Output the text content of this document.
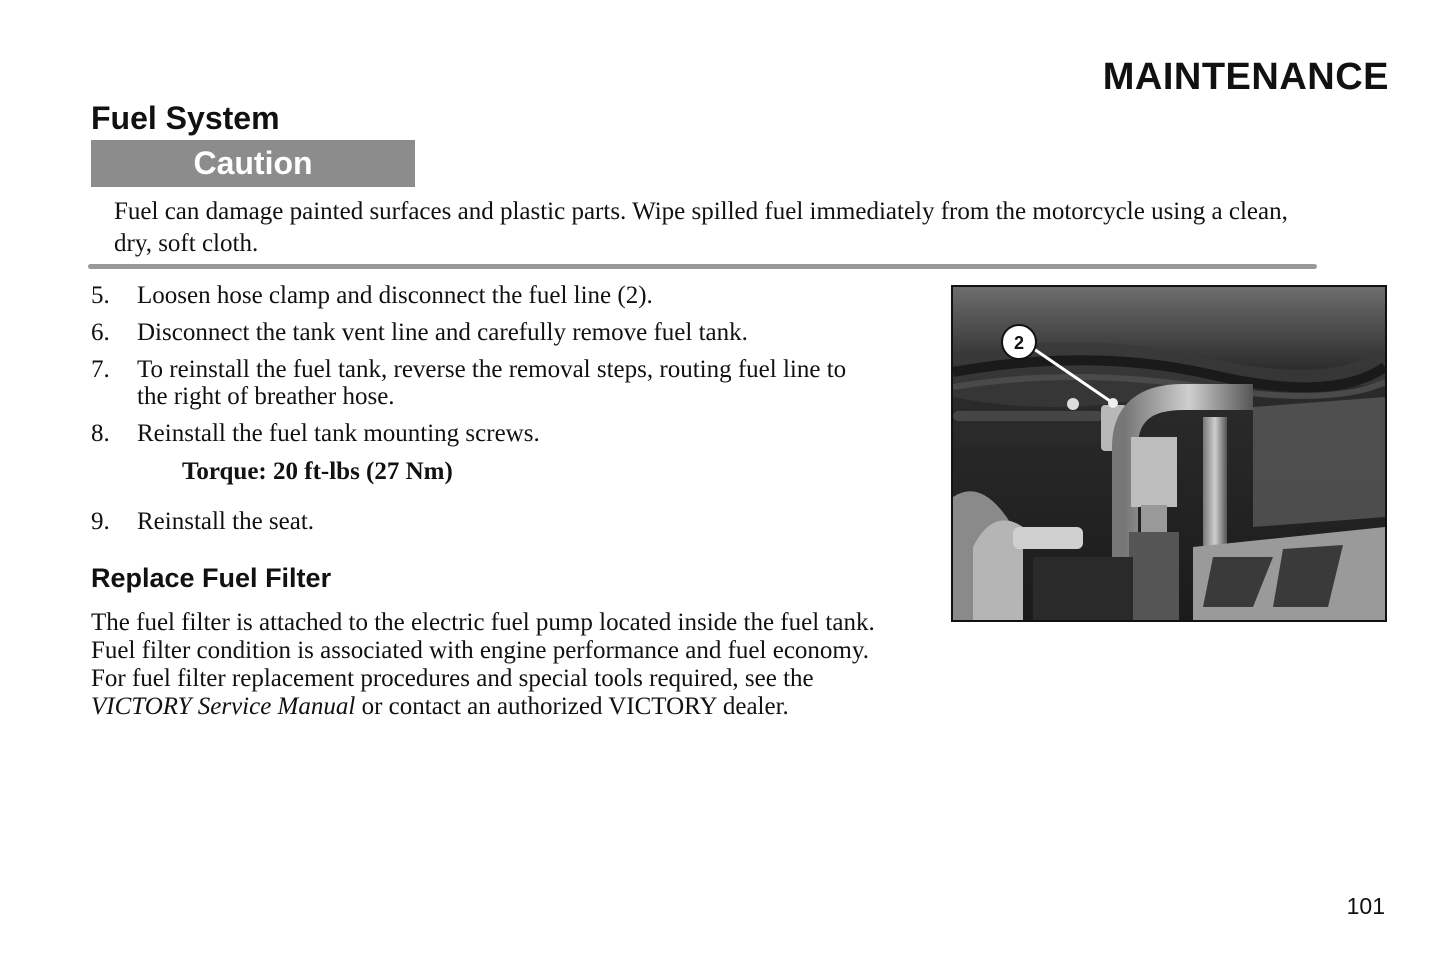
MAINTENANCE
Fuel System
Caution

Fuel can damage painted surfaces and plastic parts. Wipe spilled fuel immediately from the motorcycle using a clean, dry, soft cloth.

5.	Loosen hose clamp and disconnect the fuel line (2).
6.	Disconnect the tank vent line and carefully remove fuel tank.
7.	To reinstall the fuel tank, reverse the removal steps, routing fuel line to the right of breather hose.
8.	Reinstall the fuel tank mounting screws.
Torque: 20 ft-lbs (27 Nm)
9.	Reinstall the seat.
Replace Fuel Filter

The fuel filter is attached to the electric fuel pump located inside the fuel tank. Fuel filter condition is associated with engine performance and fuel economy. For fuel filter replacement procedures and special tools required, see the VICTORY Service Manual or contact an authorized VICTORY dealer.

2
101
